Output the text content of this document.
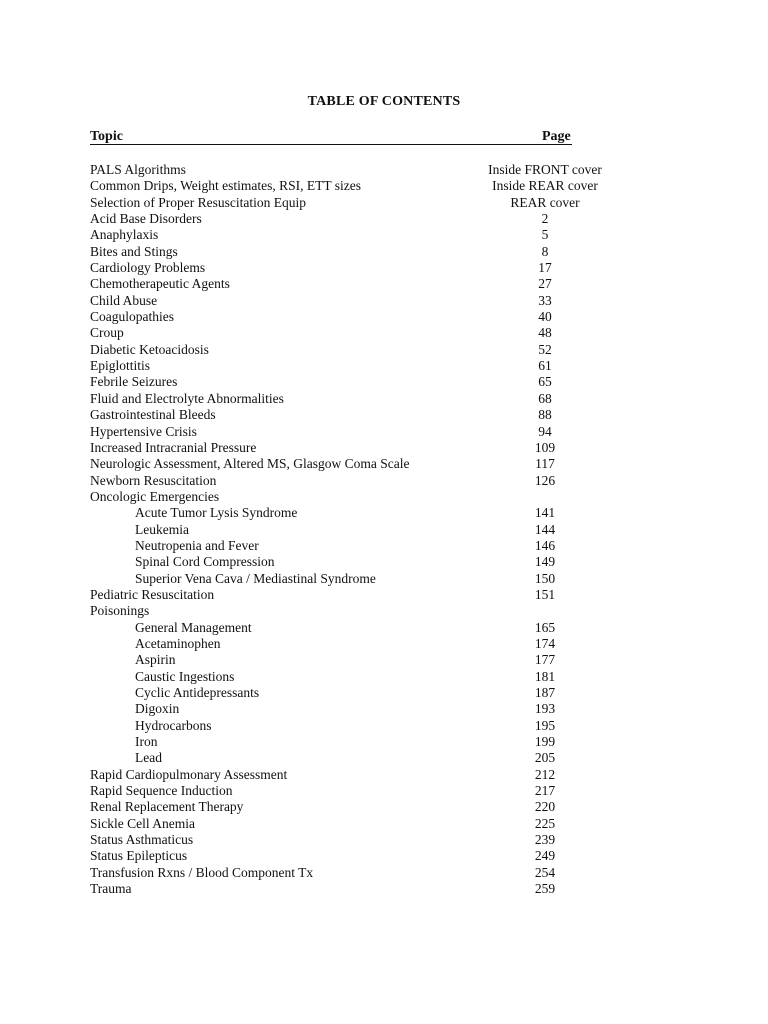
TABLE OF CONTENTS
Topic	Page
PALS Algorithms	Inside FRONT cover
Common Drips, Weight estimates, RSI, ETT sizes	Inside REAR cover
Selection of Proper Resuscitation Equip	REAR cover
Acid Base Disorders	2
Anaphylaxis	5
Bites and Stings	8
Cardiology Problems	17
Chemotherapeutic Agents	27
Child Abuse	33
Coagulopathies	40
Croup	48
Diabetic Ketoacidosis	52
Epiglottitis	61
Febrile Seizures	65
Fluid and Electrolyte Abnormalities	68
Gastrointestinal Bleeds	88
Hypertensive Crisis	94
Increased Intracranial Pressure	109
Neurologic Assessment, Altered MS, Glasgow Coma Scale	117
Newborn Resuscitation	126
Oncologic Emergencies
Acute Tumor Lysis Syndrome	141
Leukemia	144
Neutropenia and Fever	146
Spinal Cord Compression	149
Superior Vena Cava / Mediastinal Syndrome	150
Pediatric Resuscitation	151
Poisonings
General Management	165
Acetaminophen	174
Aspirin	177
Caustic Ingestions	181
Cyclic Antidepressants	187
Digoxin	193
Hydrocarbons	195
Iron	199
Lead	205
Rapid Cardiopulmonary Assessment	212
Rapid Sequence Induction	217
Renal Replacement Therapy	220
Sickle Cell Anemia	225
Status Asthmaticus	239
Status Epilepticus	249
Transfusion Rxns / Blood Component Tx	254
Trauma	259
